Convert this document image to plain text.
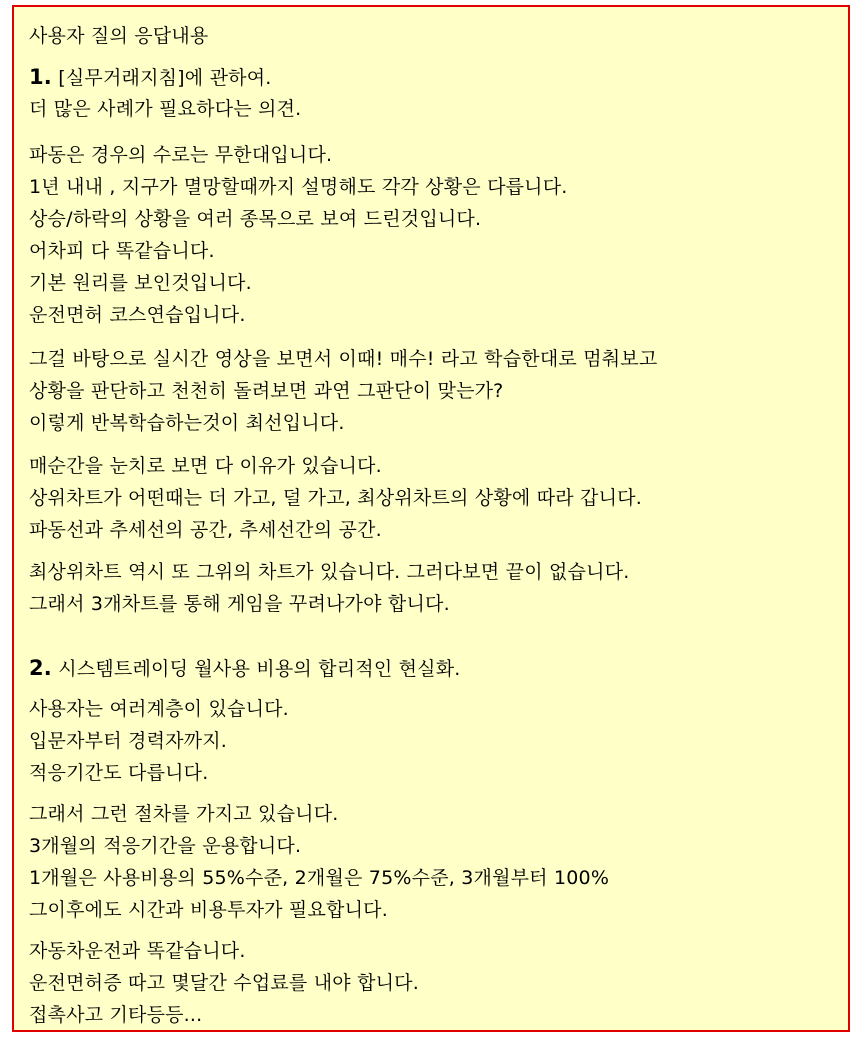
사용자 질의 응답내용
1. [실무거래지침]에 관하여.
더 많은 사례가 필요하다는 의견.
파동은 경우의 수로는 무한대입니다.
1년 내내 , 지구가 멸망할때까지 설명해도 각각 상황은 다릅니다.
상승/하락의 상황을 여러 종목으로 보여 드린것입니다.
어차피 다 똑같습니다.
기본 원리를 보인것입니다.
운전면허 코스연습입니다.
그걸 바탕으로 실시간 영상을 보면서 이때! 매수! 라고 학습한대로 멈춰보고
상황을 판단하고 천천히 돌려보면 과연 그판단이 맞는가?
이렇게 반복학습하는것이 최선입니다.
매순간을 눈치로 보면 다 이유가 있습니다.
상위차트가 어떤때는 더 가고, 덜 가고, 최상위차트의 상황에 따라 갑니다.
파동선과 추세선의 공간, 추세선간의 공간.
최상위차트 역시 또 그위의 차트가 있습니다. 그러다보면 끝이 없습니다.
그래서 3개차트를 통해 게임을 꾸려나가야 합니다.
2. 시스템트레이딩 월사용 비용의 합리적인 현실화.
사용자는 여러계층이 있습니다.
입문자부터 경력자까지.
적응기간도 다릅니다.
그래서 그런 절차를 가지고 있습니다.
3개월의 적응기간을 운용합니다.
1개월은 사용비용의 55%수준, 2개월은 75%수준, 3개월부터 100%
그이후에도 시간과 비용투자가 필요합니다.
자동차운전과 똑같습니다.
운전면허증 따고 몇달간 수업료를 내야 합니다.
접촉사고 기타등등...
